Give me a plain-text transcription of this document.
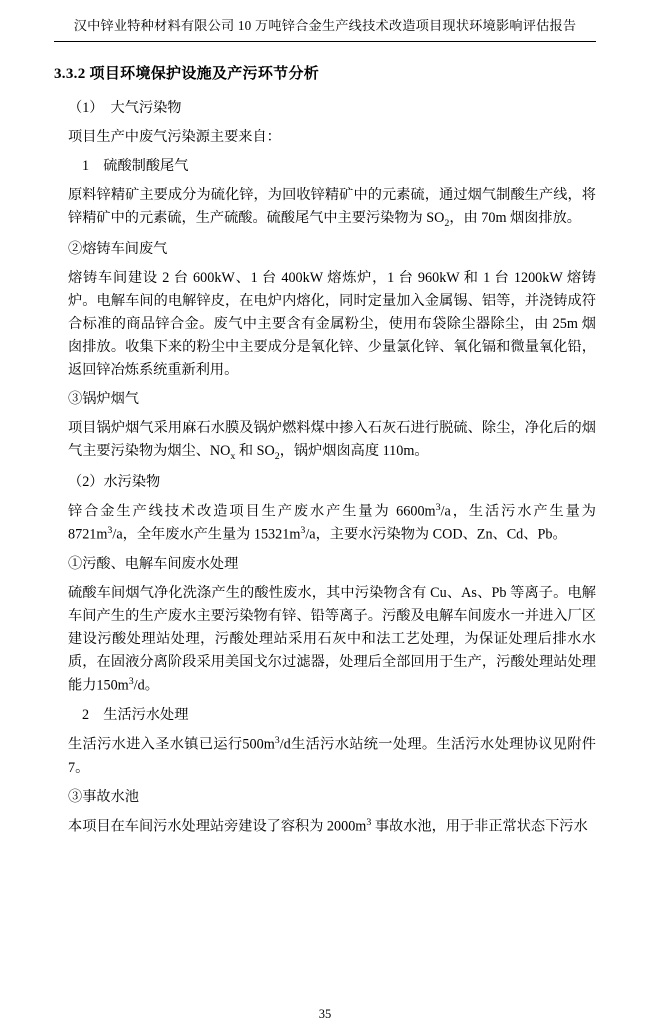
汉中锌业特种材料有限公司 10 万吨锌合金生产线技术改造项目现状环境影响评估报告
3.3.2 项目环境保护设施及产污环节分析

（1）　大气污染物

项目生产中废气污染源主要来自：

1　硫酸制酸尾气

原料锌精矿主要成分为硫化锌，为回收锌精矿中的元素硫，通过烟气制酸生产线，将锌精矿中的元素硫，生产硫酸。硫酸尾气中主要污染物为 $SO_2$，由 70m 烟囱排放。

②熔铸车间废气

熔铸车间建设 2 台 600kW、1 台 400kW 熔炼炉，1 台 960kW 和 1 台 1200kW 熔铸炉。电解车间的电解锌皮，在电炉内熔化，同时定量加入金属锡、铝等，并浇铸成符合标准的商品锌合金。废气中主要含有金属粉尘，使用布袋除尘器除尘，由 25m 烟囱排放。收集下来的粉尘中主要成分是氧化锌、少量氯化锌、氧化镉和微量氧化铅，返回锌冶炼系统重新利用。

③锅炉烟气

项目锅炉烟气采用麻石水膜及锅炉燃料煤中掺入石灰石进行脱硫、除尘，净化后的烟气主要污染物为烟尘、$NO_x$ 和 $SO_2$，锅炉烟囱高度 110m。

（2）水污染物

锌合金生产线技术改造项目生产废水产生量为 $6600m^3/a$，生活污水产生量为 $8721m^3/a$，全年废水产生量为 $15321m^3/a$，主要水污染物为 COD、Zn、Cd、Pb。

①污酸、电解车间废水处理

硫酸车间烟气净化洗涤产生的酸性废水，其中污染物含有 Cu、As、Pb 等离子。电解车间产生的生产废水主要污染物有锌、铅等离子。污酸及电解车间废水一并进入厂区建设污酸处理站处理，污酸处理站采用石灰中和法工艺处理，为保证处理后排水水质，在固液分离阶段采用美国戈尔过滤器，处理后全部回用于生产，污酸处理站处理能力$150m^3/d$。

2　生活污水处理

生活污水进入圣水镇已运行$500m^3/d$生活污水站统一处理。生活污水处理协议见附件7。

③事故水池

本项目在车间污水处理站旁建设了容积为 $2000m^3$ 事故水池，用于非正常状态下污水

35
